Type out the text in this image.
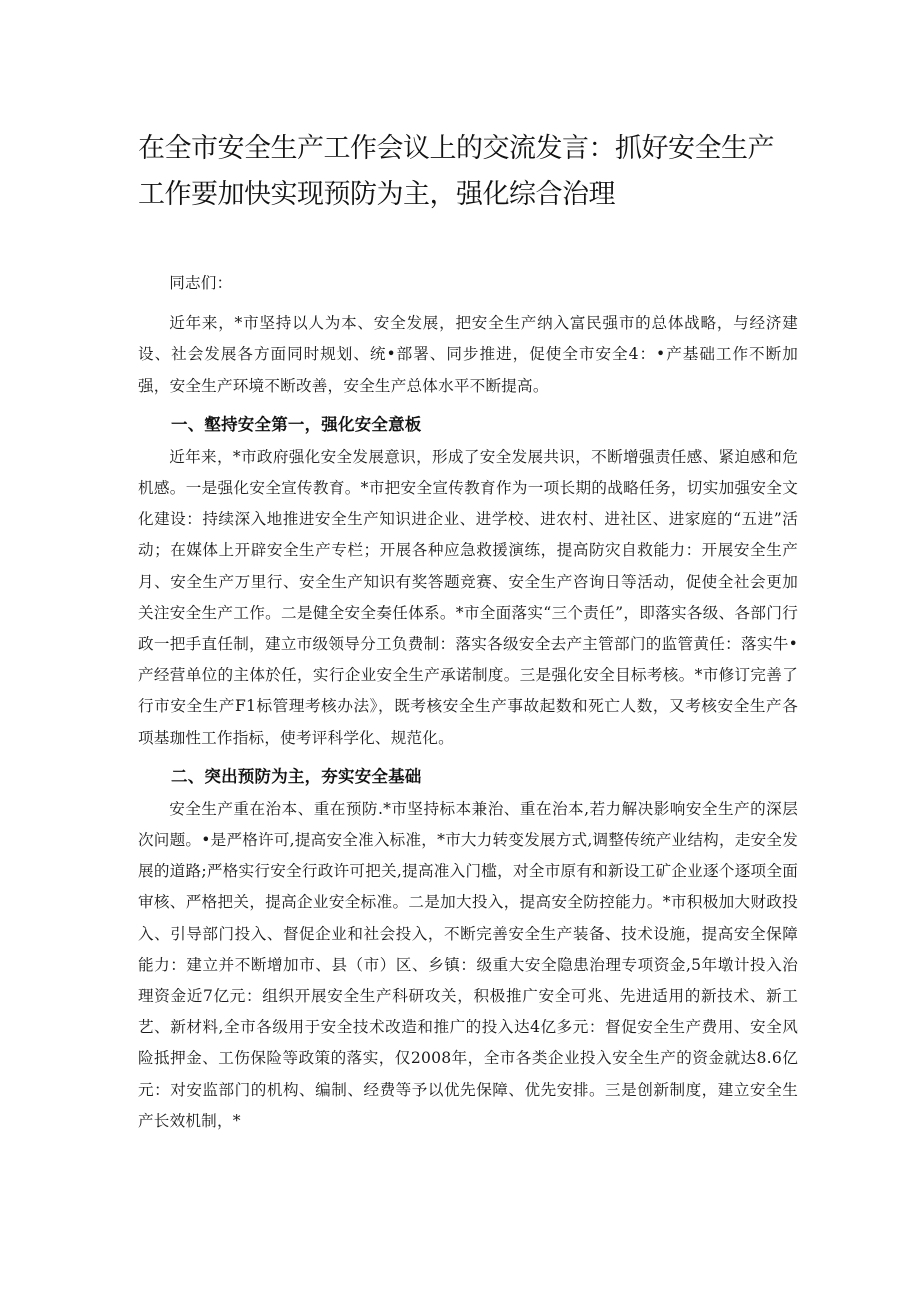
在全市安全生产工作会议上的交流发言：抓好安全生产工作要加快实现预防为主，强化综合治理

同志们：

近年来，*市坚持以人为本、安全发展，把安全生产纳入富民强市的总体战略，与经济建设、社会发展各方面同时规划、统•部署、同步推进，促使全市安全4：•产基础工作不断加强，安全生产环境不断改善，安全生产总体水平不断提高。

一、壑持安全第一，强化安全意板

近年来，*市政府强化安全发展意识，形成了安全发展共识，不断增强责任感、紧迫感和危机感。一是强化安全宣传教育。*市把安全宣传教育作为一项长期的战略任务，切实加强安全文化建设：持续深入地推进安全生产知识进企业、进学校、进农村、进社区、进家庭的“五进”活动；在媒体上开辟安全生产专栏；开展各种应急救援演练，提高防灾自救能力：开展安全生产月、安全生产万里行、安全生产知识有奖答题竞赛、安全生产咨询日等活动，促使全社会更加关注安全生产工作。二是健全安全奏任体系。*市全面落实“三个责任”，即落实各级、各部门行政一把手直任制，建立市级领导分工负费制：落实各级安全去产主管部门的监管黄任：落实牛•产经营单位的主体於任，实行企业安全生产承诺制度。三是强化安全目标考核。*市修订完善了行市安全生产F1标管理考核办法》，既考核安全生产事故起数和死亡人数，又考核安全生产各项基珈性工作指标，使考评科学化、规范化。

二、突出预防为主，夯实安全基础

安全生产重在治本、重在预防.*市坚持标本兼治、重在治本,若力解决影响安全生产的深层次问题。•是严格许可,提高安全准入标准，*市大力转变发展方式,调整传统产业结构，走安全发展的道路;严格实行安全行政许可把关,提高准入门槛，对全市原有和新设工矿企业逐个逐项全面审核、严格把关，提高企业安全标准。二是加大投入，提高安全防控能力。*市积极加大财政投入、引导部门投入、督促企业和社会投入，不断完善安全生产装备、技术设施，提高安全保障能力：建立并不断增加市、县（市）区、乡镇：级重大安全隐患治理专项资金,5年墩计投入治理资金近7亿元：组织开展安全生产科研攻关，积极推广安全可兆、先进适用的新技术、新工艺、新材料,全市各级用于安全技术改造和推广的投入达4亿多元：督促安全生产费用、安全风险抵押金、工伤保险等政策的落实，仅2008年，全市各类企业投入安全生产的资金就达8.6亿元：对安监部门的机构、编制、经费等予以优先保障、优先安排。三是创新制度，建立安全生产长效机制，*
